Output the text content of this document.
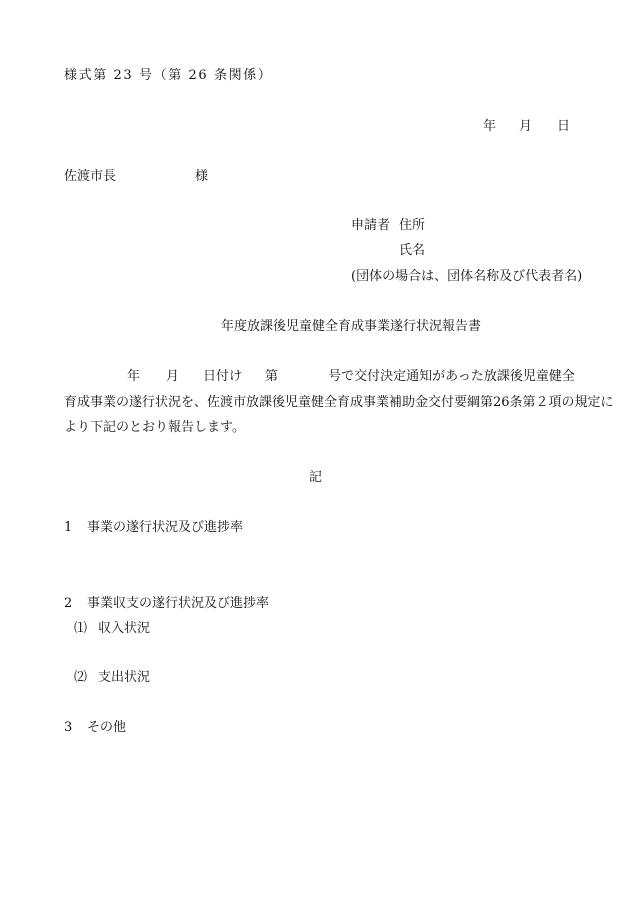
様式第 23 号（第 26 条関係）
年 月 日
佐渡市長	様
申請者 住所
氏名
(団体の場合は、団体名称及び代表者名)
年度放課後児童健全育成事業遂行状況報告書
年 月 日付け 第	号で交付決定通知があった放課後児童健全
育成事業の遂行状況を、佐渡市放課後児童健全育成事業補助金交付要綱第26条第２項の規定に
より下記のとおり報告します。
記
1 事業の遂行状況及び進捗率
2 事業収支の遂行状況及び進捗率
⑴ 収入状況
⑵ 支出状況
3 その他
